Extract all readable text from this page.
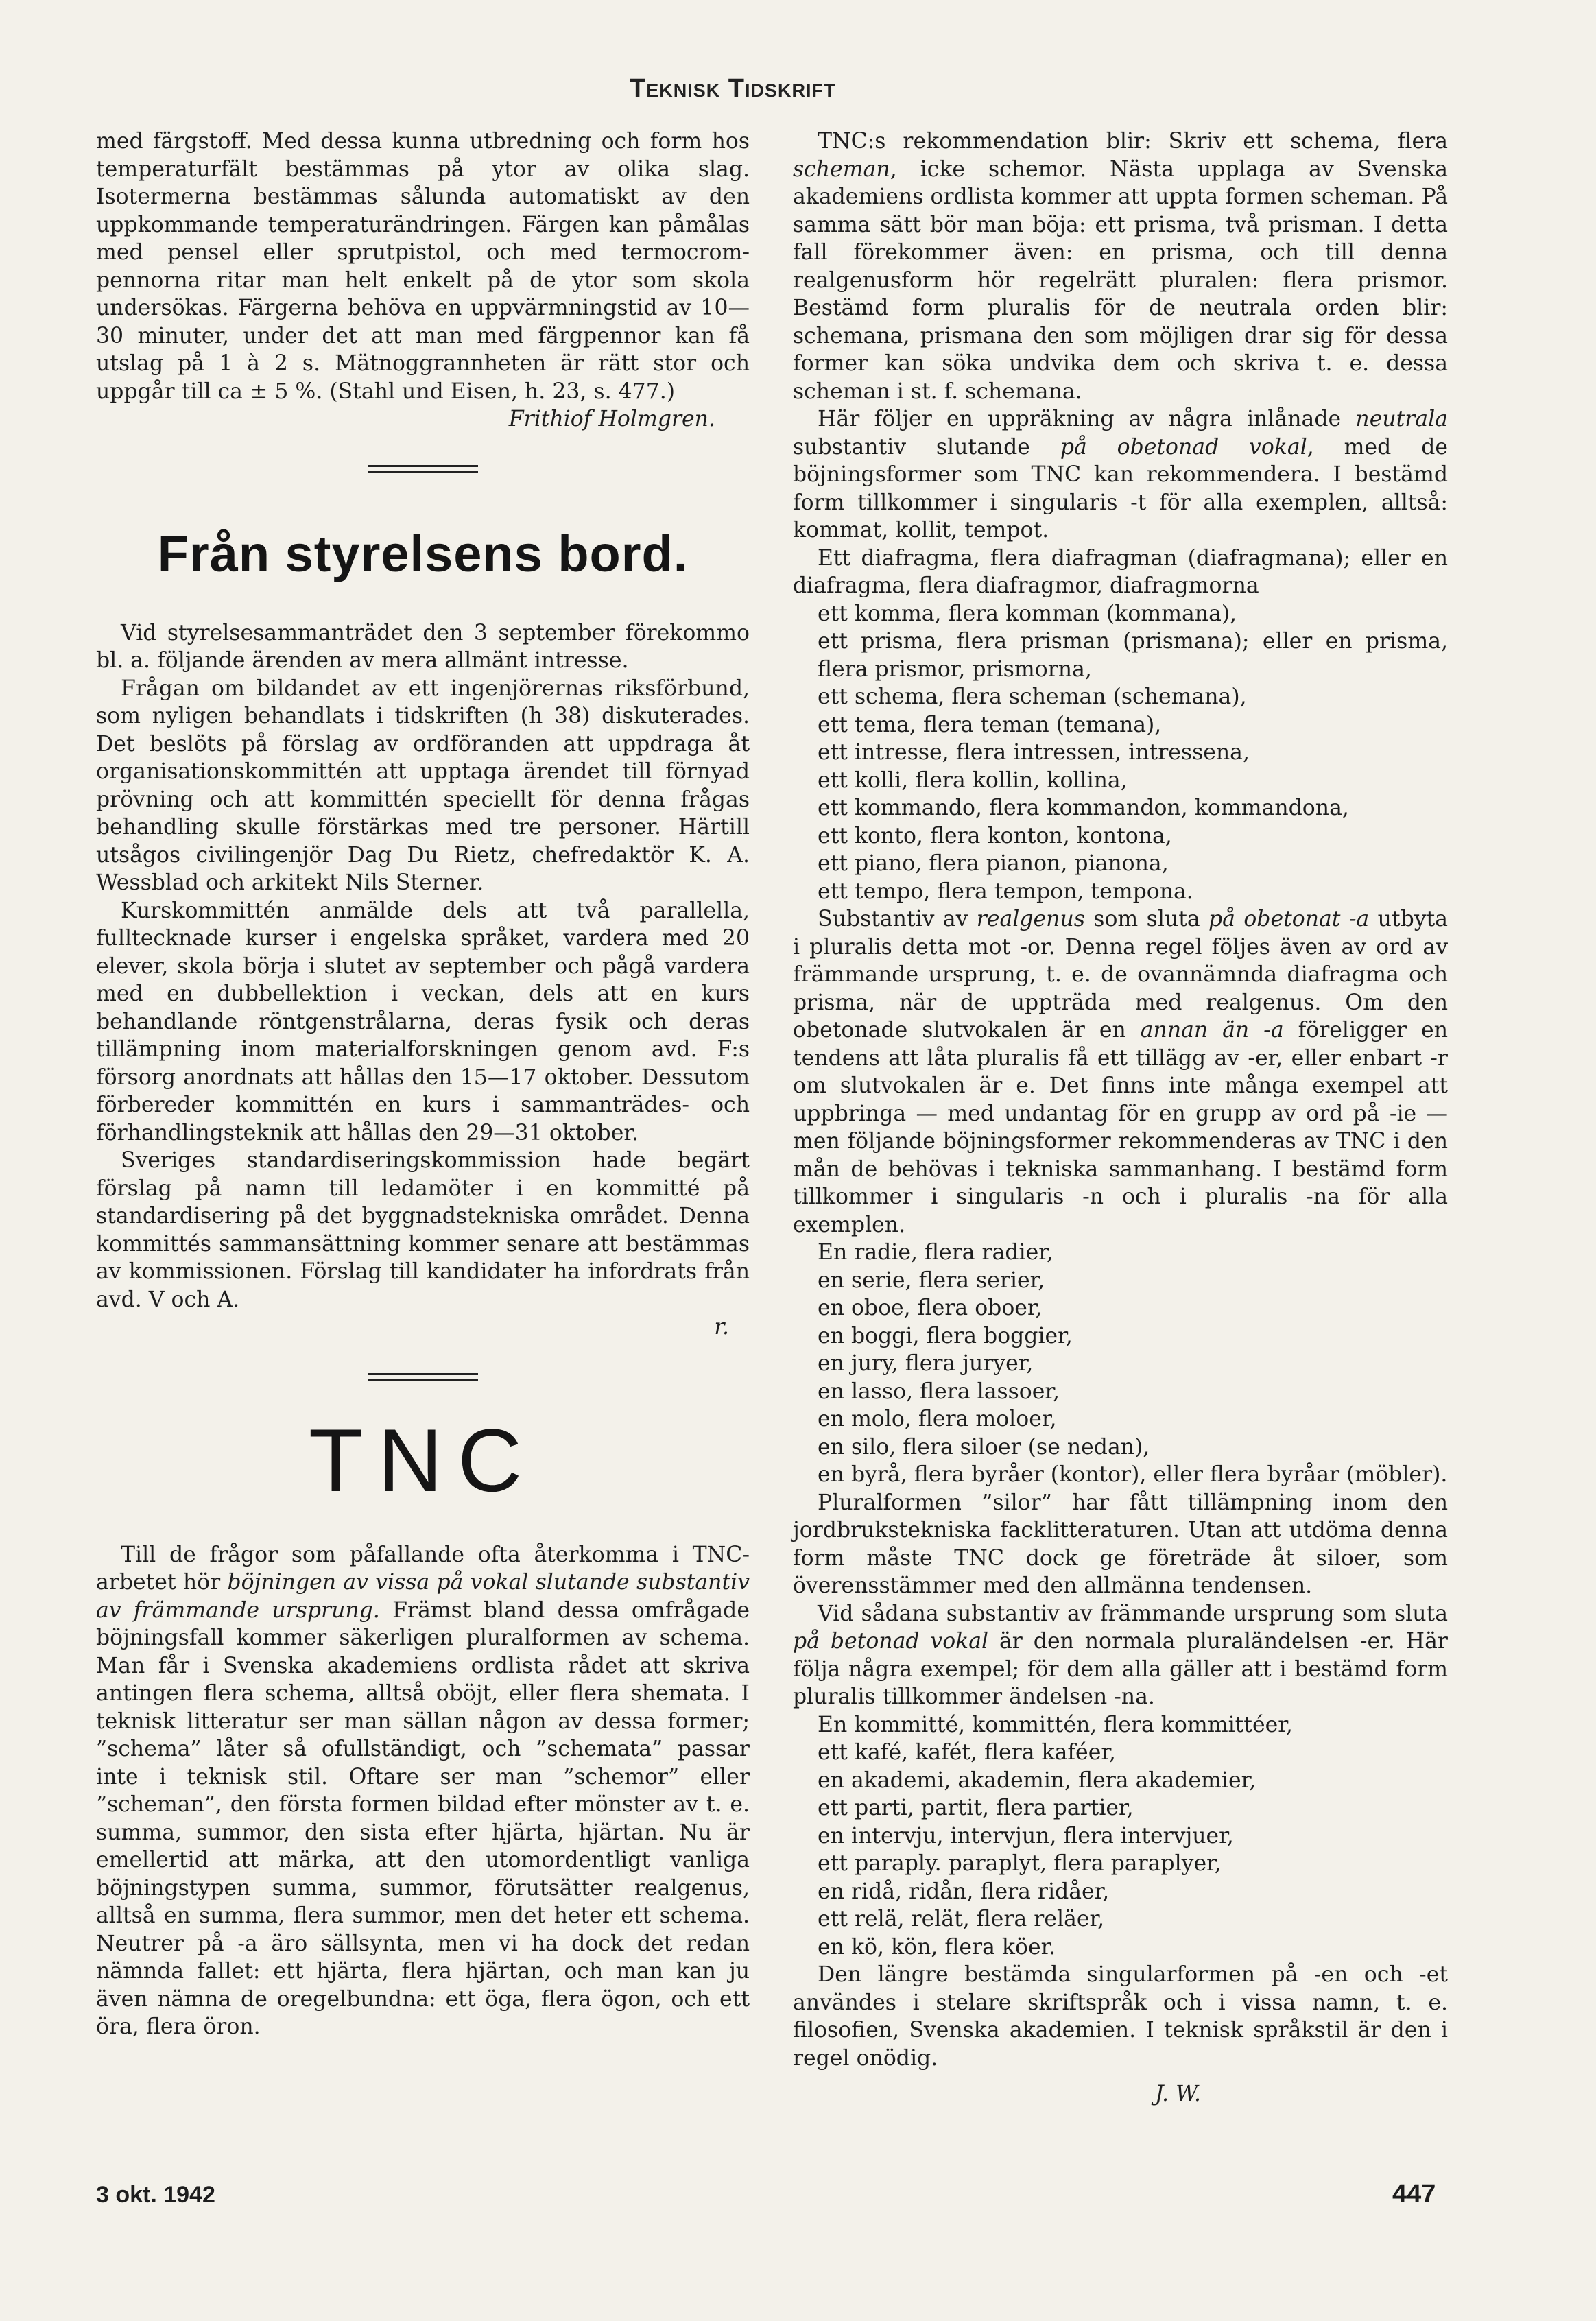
Teknisk Tidskrift

med färgstoff. Med dessa kunna utbredning och form hos temperaturfält bestämmas på ytor av olika slag. Isotermerna bestämmas sålunda automatiskt av den uppkommande temperaturändringen. Färgen kan påmålas med pensel eller sprutpistol, och med termocrom-pennorna ritar man helt enkelt på de ytor som skola undersökas. Färgerna behöva en uppvärmningstid av 10—30 minuter, under det att man med färgpennor kan få utslag på 1 à 2 s. Mätnoggrannheten är rätt stor och uppgår till ca ± 5 %. (Stahl und Eisen, h. 23, s. 477.)

Frithiof Holmgren.

Från styrelsens bord.

Vid styrelsesammanträdet den 3 september förekommo bl. a. följande ärenden av mera allmänt intresse.

Frågan om bildandet av ett ingenjörernas riksförbund, som nyligen behandlats i tidskriften (h 38) diskuterades. Det beslöts på förslag av ordföranden att uppdraga åt organisationskommittén att upptaga ärendet till förnyad prövning och att kommittén speciellt för denna frågas behandling skulle förstärkas med tre personer. Härtill utsågos civilingenjör Dag Du Rietz, chefredaktör K. A. Wessblad och arkitekt Nils Sterner.

Kurskommittén anmälde dels att två parallella, fulltecknade kurser i engelska språket, vardera med 20 elever, skola börja i slutet av september och pågå vardera med en dubbellektion i veckan, dels att en kurs behandlande röntgenstrålarna, deras fysik och deras tillämpning inom materialforskningen genom avd. F:s försorg anordnats att hållas den 15—17 oktober. Dessutom förbereder kommittén en kurs i sammanträdes- och förhandlingsteknik att hållas den 29—31 oktober.

Sveriges standardiseringskommission hade begärt förslag på namn till ledamöter i en kommitté på standardisering på det byggnadstekniska området. Denna kommittés sammansättning kommer senare att bestämmas av kommissionen. Förslag till kandidater ha infordrats från avd. V och A.

r.

TNC

Till de frågor som påfallande ofta återkomma i TNC-arbetet hör böjningen av vissa på vokal slutande substantiv av främmande ursprung. Främst bland dessa omfrågade böjningsfall kommer säkerligen pluralformen av schema. Man får i Svenska akademiens ordlista rådet att skriva antingen flera schema, alltså oböjt, eller flera shemata. I teknisk litteratur ser man sällan någon av dessa former; ”schema” låter så ofullständigt, och ”schemata” passar inte i teknisk stil. Oftare ser man ”schemor” eller ”scheman”, den första formen bildad efter mönster av t. e. summa, summor, den sista efter hjärta, hjärtan. Nu är emellertid att märka, att den utomordentligt vanliga böjningstypen summa, summor, förutsätter realgenus, alltså en summa, flera summor, men det heter ett schema. Neutrer på -a äro sällsynta, men vi ha dock det redan nämnda fallet: ett hjärta, flera hjärtan, och man kan ju även nämna de oregelbundna: ett öga, flera ögon, och ett öra, flera öron.

TNC:s rekommendation blir: Skriv ett schema, flera scheman, icke schemor. Nästa upplaga av Svenska akademiens ordlista kommer att uppta formen scheman. På samma sätt bör man böja: ett prisma, två prisman. I detta fall förekommer även: en prisma, och till denna realgenusform hör regelrätt pluralen: flera prismor. Bestämd form pluralis för de neutrala orden blir: schemana, prismana den som möjligen drar sig för dessa former kan söka undvika dem och skriva t. e. dessa scheman i st. f. schemana.

Här följer en uppräkning av några inlånade neutrala substantiv slutande på obetonad vokal, med de böjningsformer som TNC kan rekommendera. I bestämd form tillkommer i singularis -t för alla exemplen, alltså: kommat, kollit, tempot.

Ett diafragma, flera diafragman (diafragmana); eller en diafragma, flera diafragmor, diafragmorna

ett komma, flera komman (kommana),

ett prisma, flera prisman (prismana); eller en prisma, flera prismor, prismorna,

ett schema, flera scheman (schemana),

ett tema, flera teman (temana),

ett intresse, flera intressen, intressena,

ett kolli, flera kollin, kollina,

ett kommando, flera kommandon, kommandona,

ett konto, flera konton, kontona,

ett piano, flera pianon, pianona,

ett tempo, flera tempon, tempona.

Substantiv av realgenus som sluta på obetonat -a utbyta i pluralis detta mot -or. Denna regel följes även av ord av främmande ursprung, t. e. de ovannämnda diafragma och prisma, när de uppträda med realgenus. Om den obetonade slutvokalen är en annan än -a föreligger en tendens att låta pluralis få ett tillägg av -er, eller enbart -r om slutvokalen är e. Det finns inte många exempel att uppbringa — med undantag för en grupp av ord på -ie — men följande böjningsformer rekommenderas av TNC i den mån de behövas i tekniska sammanhang. I bestämd form tillkommer i singularis -n och i pluralis -na för alla exemplen.

En radie, flera radier,

en serie, flera serier,

en oboe, flera oboer,

en boggi, flera boggier,

en jury, flera juryer,

en lasso, flera lassoer,

en molo, flera moloer,

en silo, flera siloer (se nedan),

en byrå, flera byråer (kontor), eller flera byråar (möbler).

Pluralformen ”silor” har fått tillämpning inom den jordbrukstekniska facklitteraturen. Utan att utdöma denna form måste TNC dock ge företräde åt siloer, som överensstämmer med den allmänna tendensen.

Vid sådana substantiv av främmande ursprung som sluta på betonad vokal är den normala pluraländelsen -er. Här följa några exempel; för dem alla gäller att i bestämd form pluralis tillkommer ändelsen -na.

En kommitté, kommittén, flera kommittéer,

ett kafé, kafét, flera kaféer,

en akademi, akademin, flera akademier,

ett parti, partit, flera partier,

en intervju, intervjun, flera intervjuer,

ett paraply. paraplyt, flera paraplyer,

en ridå, ridån, flera ridåer,

ett relä, relät, flera reläer,

en kö, kön, flera köer.

Den längre bestämda singularformen på -en och -et användes i stelare skriftspråk och i vissa namn, t. e. filosofien, Svenska akademien. I teknisk språkstil är den i regel onödig.

J. W.

3 okt. 1942	447
